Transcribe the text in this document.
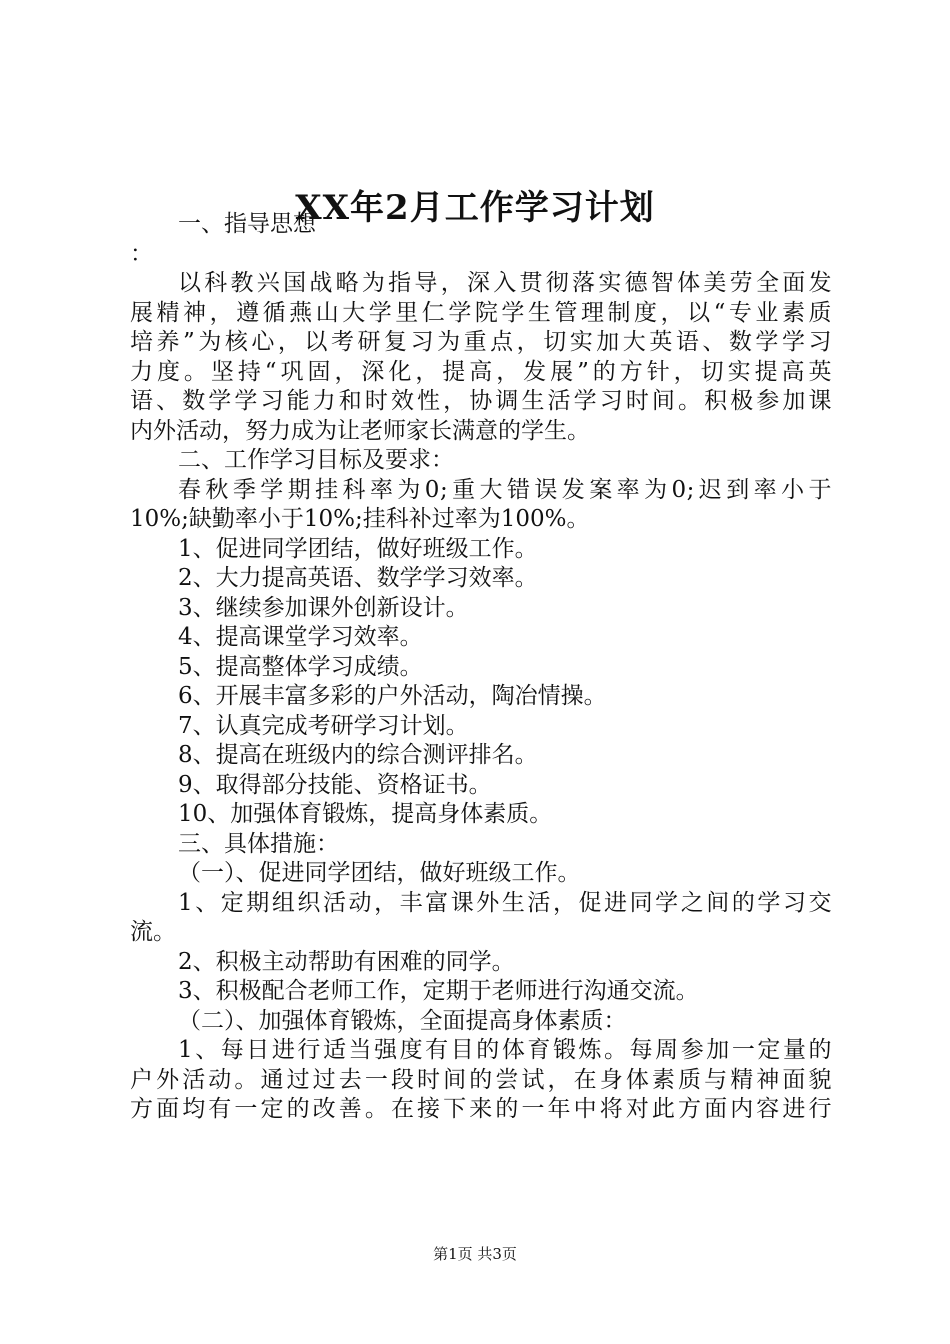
XX年2月工作学习计划
一、指导思想
：
以科教兴国战略为指导，深入贯彻落实德智体美劳全面发
展精神，遵循燕山大学里仁学院学生管理制度，以“专业素质
培养”为核心，以考研复习为重点，切实加大英语、数学学习
力度。坚持“巩固，深化，提高，发展”的方针，切实提高英
语、数学学习能力和时效性，协调生活学习时间。积极参加课
内外活动，努力成为让老师家长满意的学生。
二、工作学习目标及要求：
春秋季学期挂科率为0;重大错误发案率为0;迟到率小于
10%;缺勤率小于10%;挂科补过率为100%。
1、促进同学团结，做好班级工作。
2、大力提高英语、数学学习效率。
3、继续参加课外创新设计。
4、提高课堂学习效率。
5、提高整体学习成绩。
6、开展丰富多彩的户外活动，陶冶情操。
7、认真完成考研学习计划。
8、提高在班级内的综合测评排名。
9、取得部分技能、资格证书。
10、加强体育锻炼，提高身体素质。
三、具体措施：
（一）、促进同学团结，做好班级工作。
1、定期组织活动，丰富课外生活，促进同学之间的学习交
流。
2、积极主动帮助有困难的同学。
3、积极配合老师工作，定期于老师进行沟通交流。
（二）、加强体育锻炼，全面提高身体素质：
1、每日进行适当强度有目的体育锻炼。每周参加一定量的
户外活动。通过过去一段时间的尝试，在身体素质与精神面貌
方面均有一定的改善。在接下来的一年中将对此方面内容进行
第1页 共3页
